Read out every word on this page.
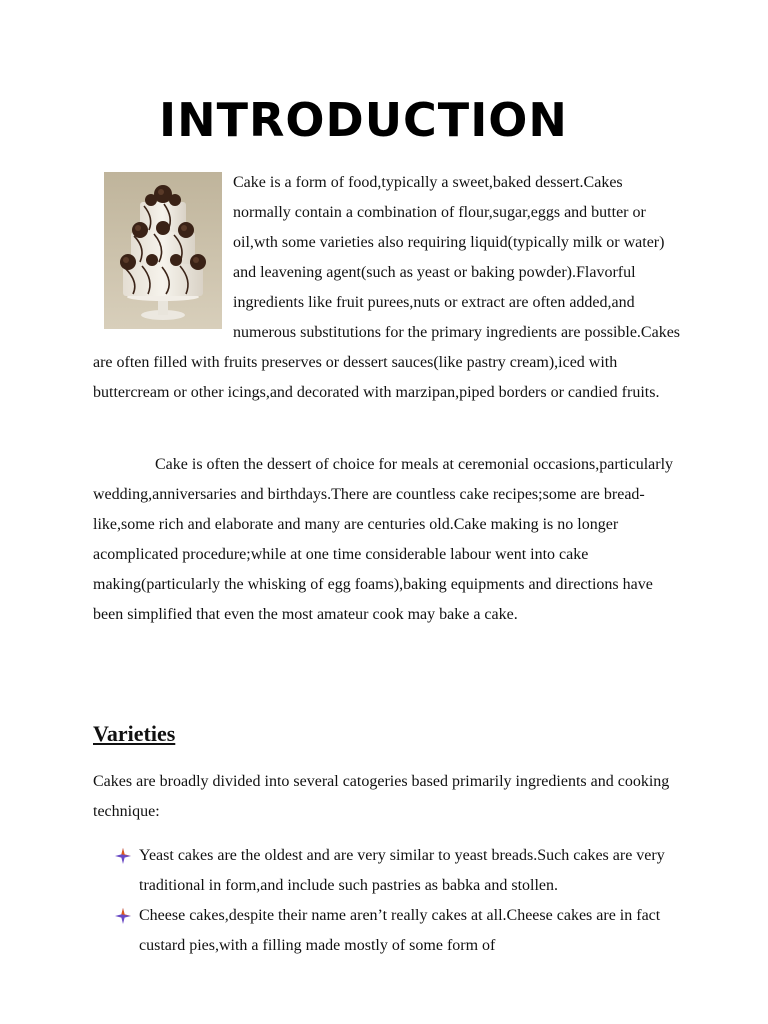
INTRODUCTION

Cake is a form of food,typically a sweet,baked dessert.Cakes normally contain a combination of flour,sugar,eggs and butter or oil,wth some varieties also requiring liquid(typically milk or water) and leavening agent(such as yeast or baking powder).Flavorful ingredients like fruit purees,nuts or extract are often added,and numerous substitutions for the primary ingredients are possible.Cakes are often filled with fruits preserves or dessert sauces(like pastry cream),iced with buttercream or other icings,and decorated with marzipan,piped borders or candied fruits.

Cake is often the dessert of choice for meals at ceremonial occasions,particularly wedding,anniversaries and birthdays.There are countless cake recipes;some are bread-like,some rich and elaborate and many are centuries old.Cake making is no longer acomplicated procedure;while at one time considerable labour went into cake making(particularly the whisking of egg foams),baking equipments and directions have been simplified that even the most amateur cook may bake a cake.

Varieties

Cakes are broadly divided into several catogeries based primarily ingredients and cooking technique:

Yeast cakes are the oldest and are very similar to yeast breads.Such cakes are very traditional in form,and include such pastries as babka and stollen.
Cheese cakes,despite their name aren’t really cakes at all.Cheese cakes are in fact custard pies,with a filling made mostly of some form of
